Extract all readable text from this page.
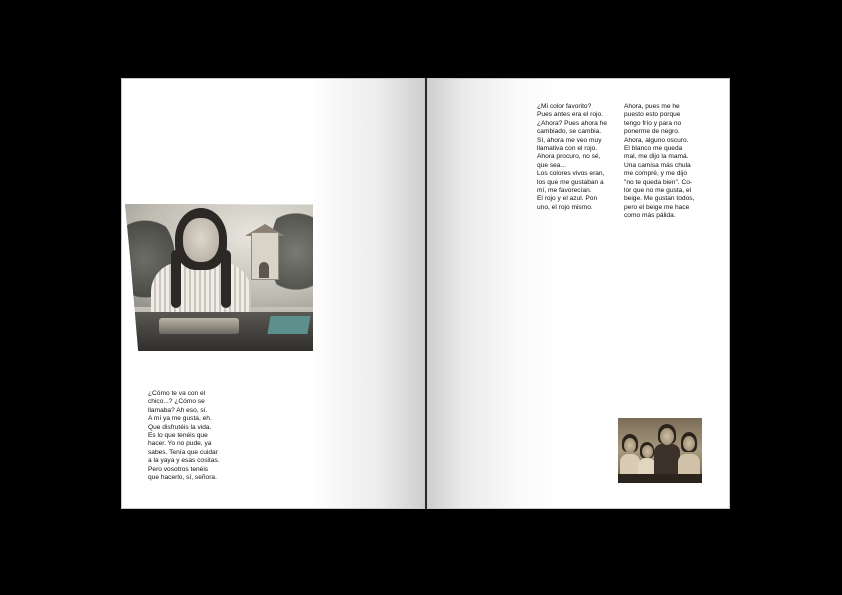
¿Cómo te va con el
chico...? ¿Cómo se
llamaba? Ah eso, sí.
A mí ya me gusta, eh.
Que disfrutéis la vida.
Es lo que tenéis que
hacer. Yo no pude, ya
sabes. Tenía que cuidar
a la yaya y esas cositas.
Pero vosotros tenéis
que hacerlo, sí, señora.

¿Mi color favorito?
Pues antes era el rojo.
¿Ahora? Pues ahora he
cambiado, se cambia.
Sí, ahora me veo muy
llamativa con el rojo.
Ahora procuro, no sé,
que sea...
Los colores vivos eran,
los que me gustaban a
mí, me favorecían.
El rojo y el azul. Pon
uno, el rojo mismo.

Ahora, pues me he
puesto esto porque
tengo frío y para no
ponerme de negro.
Ahora, alguno oscuro.
El blanco me queda
mal, me dijo la mamá.
Una camisa más chula
me compré, y me dijo
"no te queda bien". Co-
lor que no me gusta, el
beige. Me gustan todos,
pero el beige me hace
como más pálida.
